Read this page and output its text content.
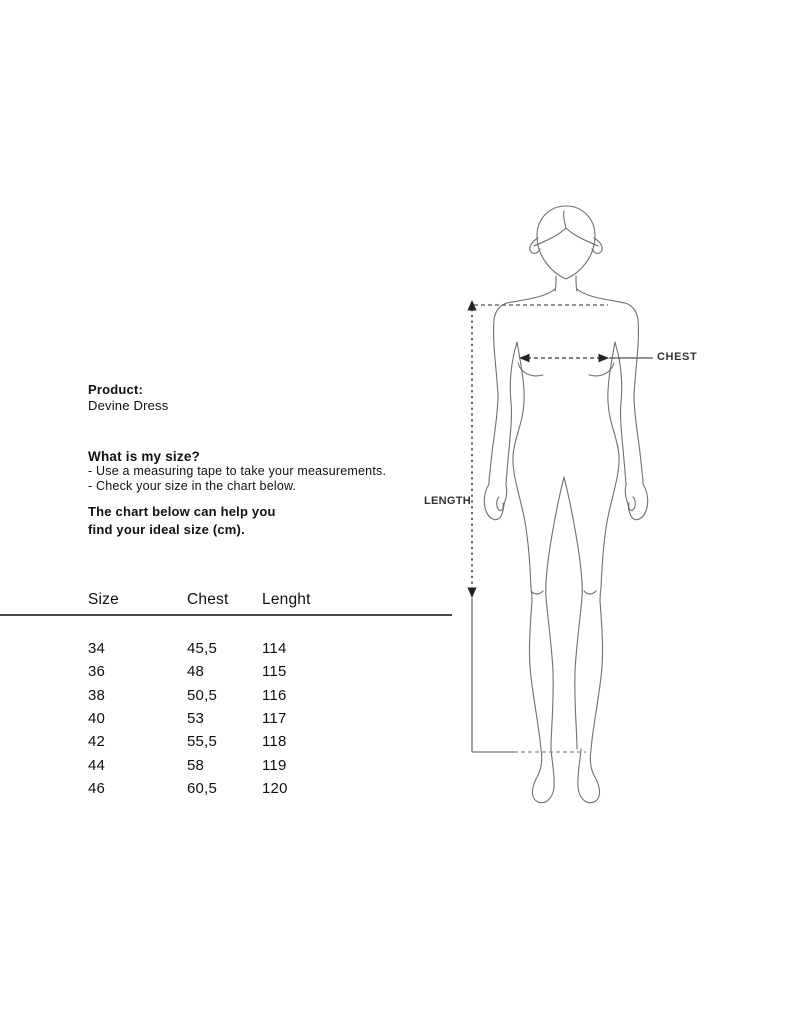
Product:
Devine Dress
What is my size?
- Use a measuring tape to take your measurements.
- Check your size in the chart below.
The chart below can help you
find your ideal size (cm).
Size	Chest	Lenght
34	45,5	114
36	48	115
38	50,5	116
40	53	117
42	55,5	118
44	58	119
46	60,5	120
CHEST
LENGTH
